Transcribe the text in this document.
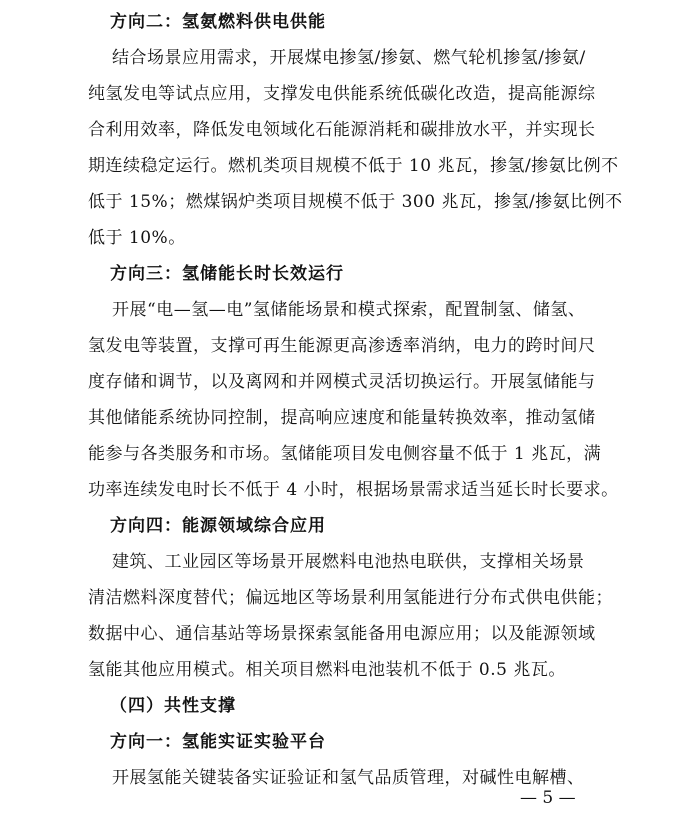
方向二：氢氨燃料供电供能
结合场景应用需求，开展煤电掺氢/掺氨、燃气轮机掺氢/掺氨/
纯氢发电等试点应用，支撑发电供能系统低碳化改造，提高能源综
合利用效率，降低发电领域化石能源消耗和碳排放水平，并实现长
期连续稳定运行。燃机类项目规模不低于 10 兆瓦，掺氢/掺氨比例不
低于 15%；燃煤锅炉类项目规模不低于 300 兆瓦，掺氢/掺氨比例不
低于 10%。
方向三：氢储能长时长效运行
开展“电—氢—电”氢储能场景和模式探索，配置制氢、储氢、
氢发电等装置，支撑可再生能源更高渗透率消纳，电力的跨时间尺
度存储和调节，以及离网和并网模式灵活切换运行。开展氢储能与
其他储能系统协同控制，提高响应速度和能量转换效率，推动氢储
能参与各类服务和市场。氢储能项目发电侧容量不低于 1 兆瓦，满
功率连续发电时长不低于 4 小时，根据场景需求适当延长时长要求。
方向四：能源领域综合应用
建筑、工业园区等场景开展燃料电池热电联供，支撑相关场景
清洁燃料深度替代；偏远地区等场景利用氢能进行分布式供电供能；
数据中心、通信基站等场景探索氢能备用电源应用；以及能源领域
氢能其他应用模式。相关项目燃料电池装机不低于 0.5 兆瓦。
（四）共性支撑
方向一：氢能实证实验平台
开展氢能关键装备实证验证和氢气品质管理，对碱性电解槽、
— 5 —
